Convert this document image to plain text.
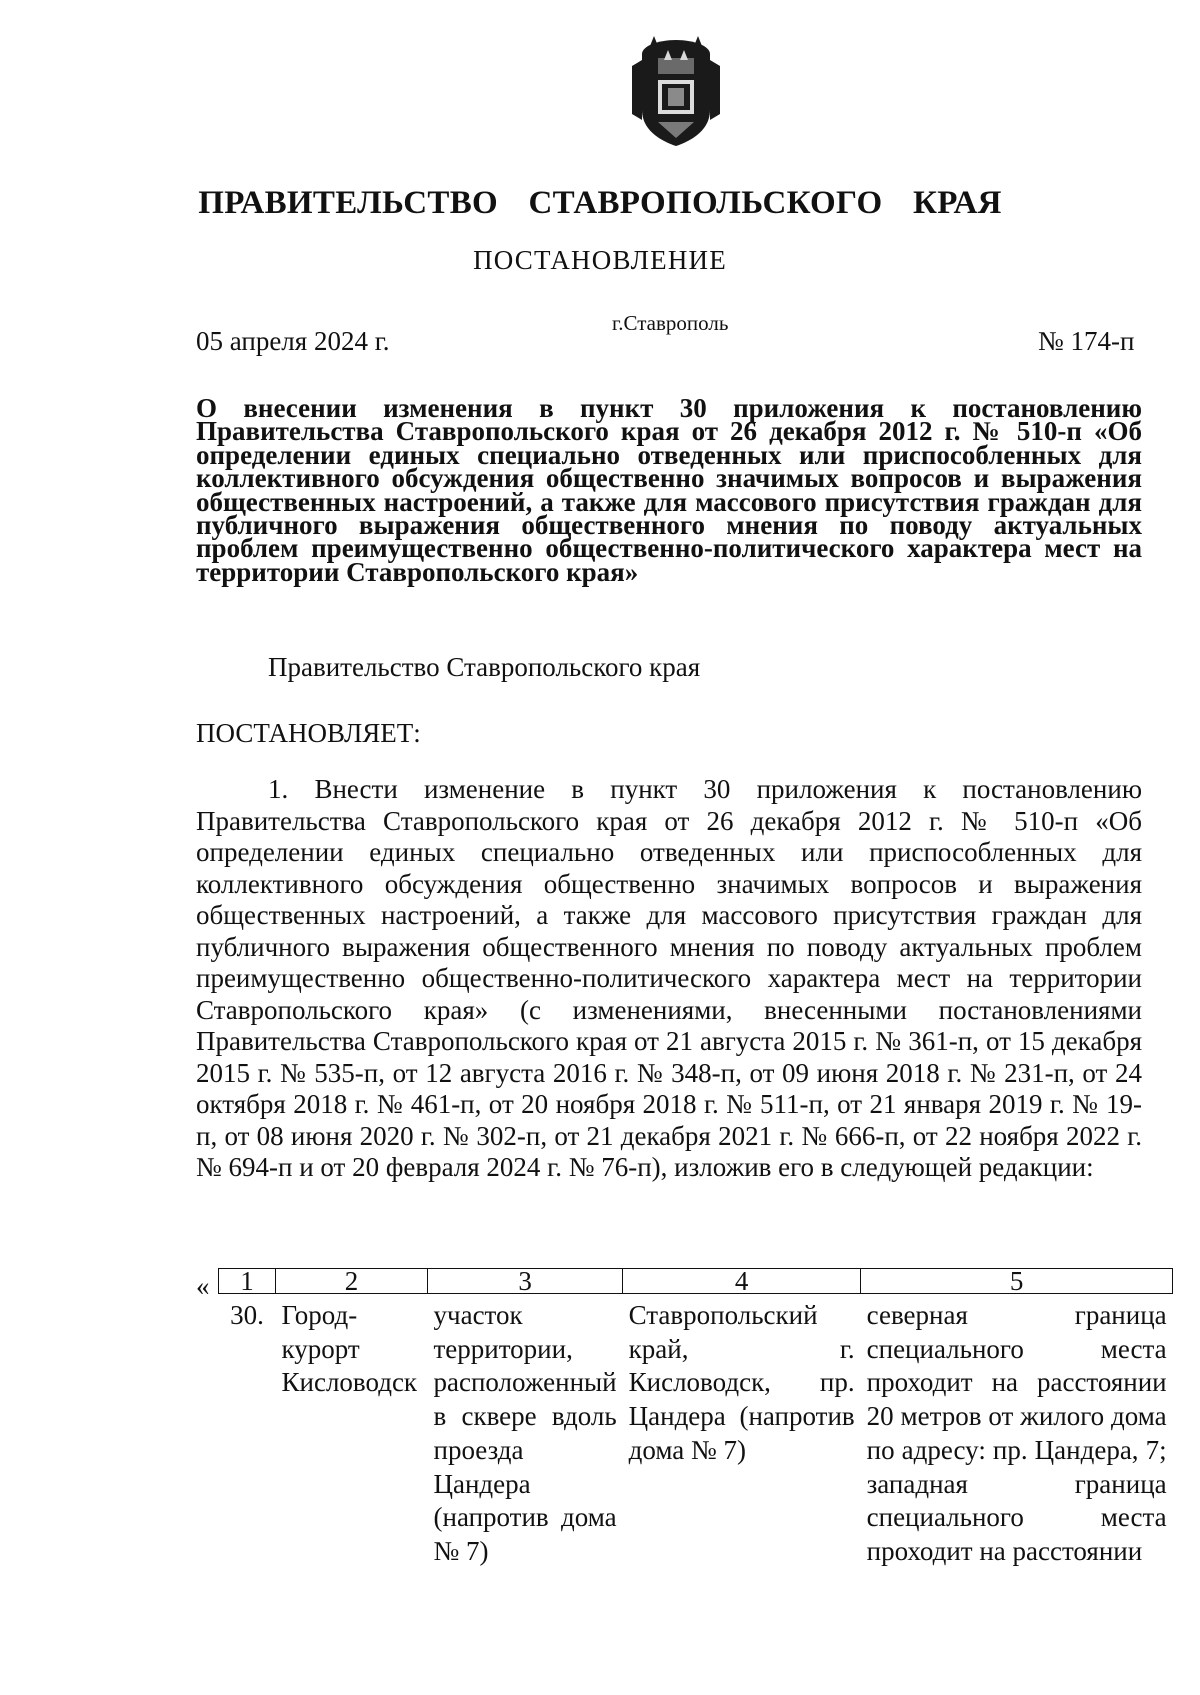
ПРАВИТЕЛЬСТВО СТАВРОПОЛЬСКОГО КРАЯ
ПОСТАНОВЛЕНИЕ
05 апреля 2024 г.
г.Ставрополь
№ 174-п
О внесении изменения в пункт 30 приложения к постановлению Правительства Ставропольского края от 26 декабря 2012 г. № 510-п «Об определении единых специально отведенных или приспособленных для коллективного обсуждения общественно значимых вопросов и выражения общественных настроений, а также для массового присутствия граждан для публичного выражения общественного мнения по поводу актуальных проблем преимущественно общественно-политического характера мест на территории Ставропольского края»
Правительство Ставропольского края
ПОСТАНОВЛЯЕТ:
1. Внести изменение в пункт 30 приложения к постановлению Правительства Ставропольского края от 26 декабря 2012 г. № 510-п «Об определении единых специально отведенных или приспособленных для коллективного обсуждения общественно значимых вопросов и выражения общественных настроений, а также для массового присутствия граждан для публичного выражения общественного мнения по поводу актуальных проблем преимущественно общественно-политического характера мест на территории Ставропольского края» (с изменениями, внесенными постановлениями Правительства Ставропольского края от 21 августа 2015 г. № 361-п, от 15 декабря 2015 г. № 535-п, от 12 августа 2016 г. № 348-п, от 09 июня 2018 г. № 231-п, от 24 октября 2018 г. № 461-п, от 20 ноября 2018 г. № 511-п, от 21 января 2019 г. № 19-п, от 08 июня 2020 г. № 302-п, от 21 декабря 2021 г. № 666-п, от 22 ноября 2022 г. № 694-п и от 20 февраля 2024 г. № 76-п), изложив его в следующей редакции:
« 1	2	3	4	5
30.	Город-курорт Кисловодск	участок территории, расположенный в сквере вдоль проезда Цандера (напротив дома № 7)	Ставропольский край, г. Кисловодск, пр. Цандера (напротив дома № 7)	северная граница специального места проходит на расстоянии 20 метров от жилого дома по адресу: пр. Цандера, 7; западная граница специального места проходит на расстоянии
